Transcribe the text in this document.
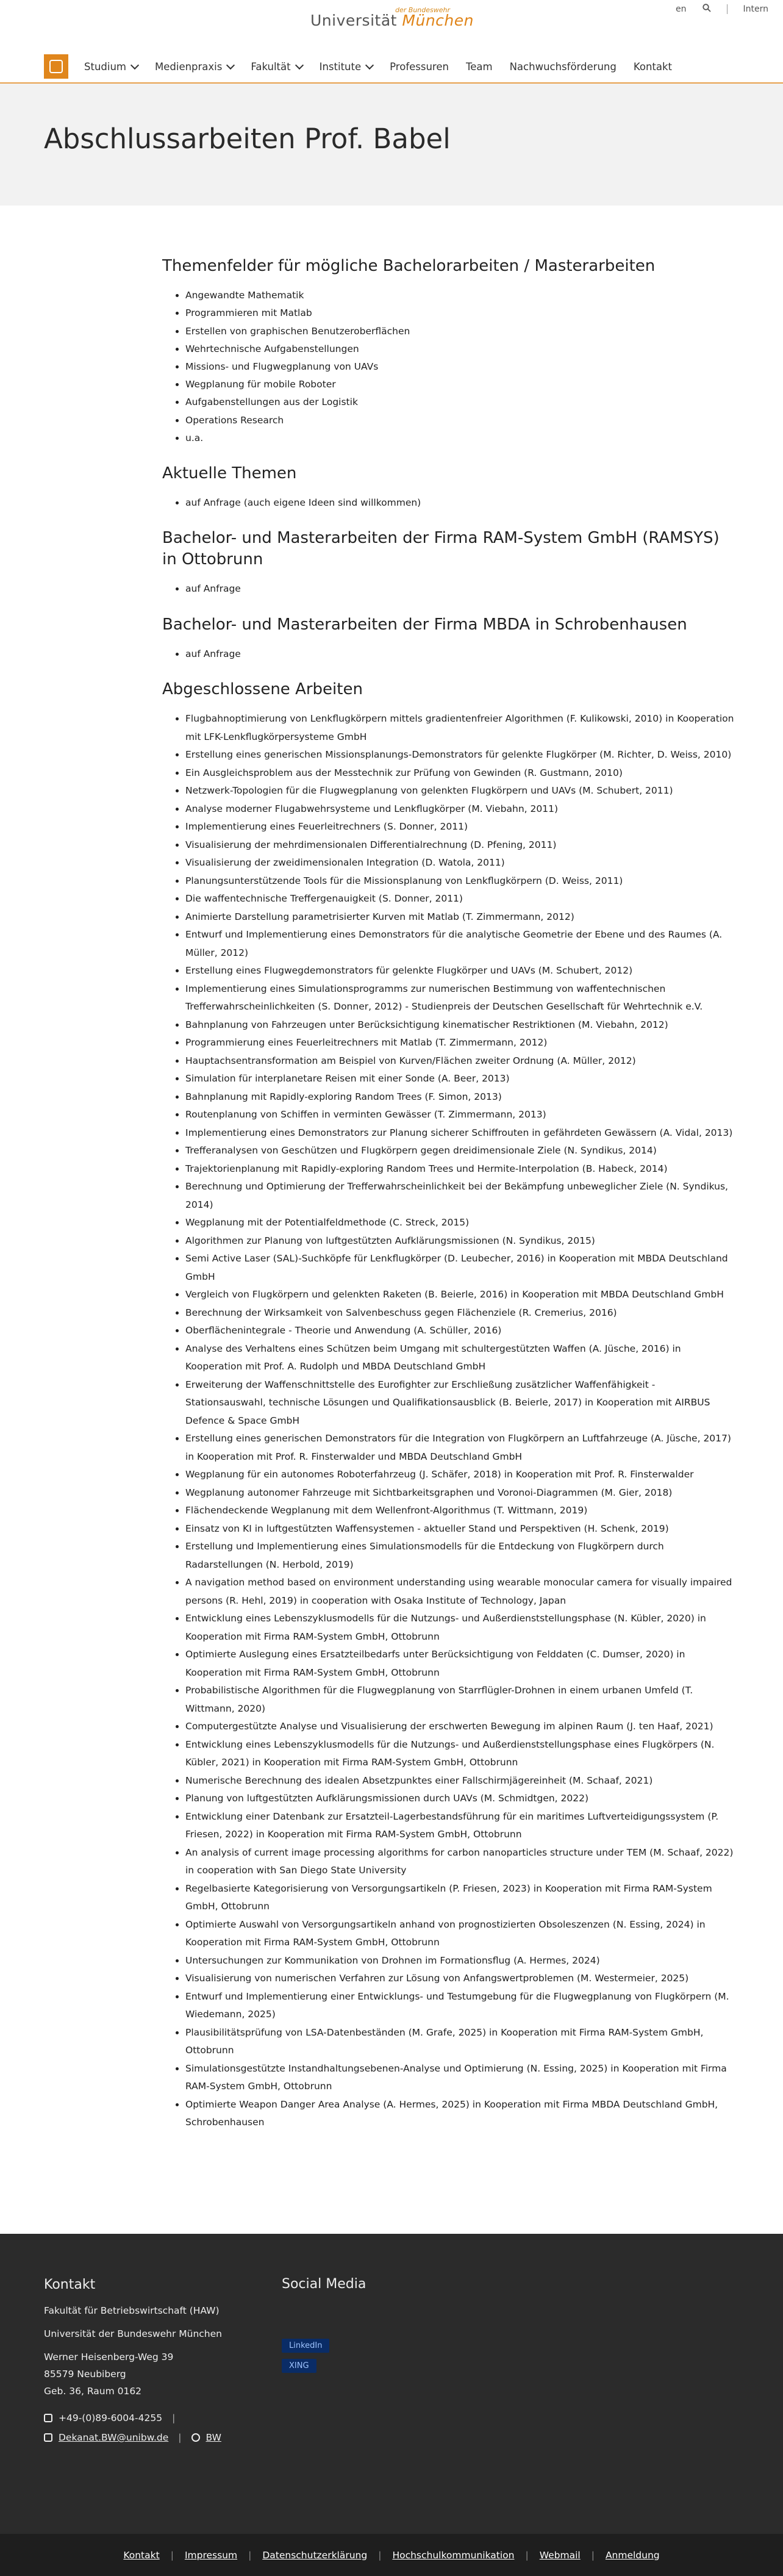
der Bundeswehr
Universität München
en	Intern
Studium	Medienpraxis	Fakultät	Institute	Professuren Team Nachwuchsförderung Kontakt
Abschlussarbeiten Prof. Babel
Themenfelder für mögliche Bachelorarbeiten / Masterarbeiten
• Angewandte Mathematik
• Programmieren mit Matlab
• Erstellen von graphischen Benutzeroberflächen
• Wehrtechnische Aufgabenstellungen
• Missions- und Flugwegplanung von UAVs
• Wegplanung für mobile Roboter
• Aufgabenstellungen aus der Logistik
• Operations Research
• u.a.
Aktuelle Themen
• auf Anfrage (auch eigene Ideen sind willkommen)
Bachelor- und Masterarbeiten der Firma RAM-System GmbH (RAMSYS) in Ottobrunn
• auf Anfrage
Bachelor- und Masterarbeiten der Firma MBDA in Schrobenhausen
• auf Anfrage
Abgeschlossene Arbeiten
• Flugbahnoptimierung von Lenkflugkörpern mittels gradientenfreier Algorithmen (F. Kulikowski, 2010) in Kooperation mit LFK-Lenkflugkörpersysteme GmbH
• Erstellung eines generischen Missionsplanungs-Demonstrators für gelenkte Flugkörper (M. Richter, D. Weiss, 2010)
• Ein Ausgleichsproblem aus der Messtechnik zur Prüfung von Gewinden (R. Gustmann, 2010)
• Netzwerk-Topologien für die Flugwegplanung von gelenkten Flugkörpern und UAVs (M. Schubert, 2011)
• Analyse moderner Flugabwehrsysteme und Lenkflugkörper (M. Viebahn, 2011)
• Implementierung eines Feuerleitrechners (S. Donner, 2011)
• Visualisierung der mehrdimensionalen Differentialrechnung (D. Pfening, 2011)
• Visualisierung der zweidimensionalen Integration (D. Watola, 2011)
• Planungsunterstützende Tools für die Missionsplanung von Lenkflugkörpern (D. Weiss, 2011)
• Die waffentechnische Treffergenauigkeit (S. Donner, 2011)
• Animierte Darstellung parametrisierter Kurven mit Matlab (T. Zimmermann, 2012)
• Entwurf und Implementierung eines Demonstrators für die analytische Geometrie der Ebene und des Raumes (A. Müller, 2012)
• Erstellung eines Flugwegdemonstrators für gelenkte Flugkörper und UAVs (M. Schubert, 2012)
• Implementierung eines Simulationsprogramms zur numerischen Bestimmung von waffentechnischen Trefferwahrscheinlichkeiten (S. Donner, 2012) - Studienpreis der Deutschen Gesellschaft für Wehrtechnik e.V.
• Bahnplanung von Fahrzeugen unter Berücksichtigung kinematischer Restriktionen (M. Viebahn, 2012)
• Programmierung eines Feuerleitrechners mit Matlab (T. Zimmermann, 2012)
• Hauptachsentransformation am Beispiel von Kurven/Flächen zweiter Ordnung (A. Müller, 2012)
• Simulation für interplanetare Reisen mit einer Sonde (A. Beer, 2013)
• Bahnplanung mit Rapidly-exploring Random Trees (F. Simon, 2013)
• Routenplanung von Schiffen in verminten Gewässer (T. Zimmermann, 2013)
• Implementierung eines Demonstrators zur Planung sicherer Schiffrouten in gefährdeten Gewässern (A. Vidal, 2013)
• Trefferanalysen von Geschützen und Flugkörpern gegen dreidimensionale Ziele (N. Syndikus, 2014)
• Trajektorienplanung mit Rapidly-exploring Random Trees und Hermite-Interpolation (B. Habeck, 2014)
• Berechnung und Optimierung der Trefferwahrscheinlichkeit bei der Bekämpfung unbeweglicher Ziele (N. Syndikus, 2014)
• Wegplanung mit der Potentialfeldmethode (C. Streck, 2015)
• Algorithmen zur Planung von luftgestützten Aufklärungsmissionen (N. Syndikus, 2015)
• Semi Active Laser (SAL)-Suchköpfe für Lenkflugkörper (D. Leubecher, 2016) in Kooperation mit MBDA Deutschland GmbH
• Vergleich von Flugkörpern und gelenkten Raketen (B. Beierle, 2016) in Kooperation mit MBDA Deutschland GmbH
• Berechnung der Wirksamkeit von Salvenbeschuss gegen Flächenziele (R. Cremerius, 2016)
• Oberflächenintegrale - Theorie und Anwendung (A. Schüller, 2016)
• Analyse des Verhaltens eines Schützen beim Umgang mit schultergestützten Waffen (A. Jüsche, 2016) in Kooperation mit Prof. A. Rudolph und MBDA Deutschland GmbH
• Erweiterung der Waffenschnittstelle des Eurofighter zur Erschließung zusätzlicher Waffenfähigkeit - Stationsauswahl, technische Lösungen und Qualifikationsausblick (B. Beierle, 2017) in Kooperation mit AIRBUS Defence & Space GmbH
• Erstellung eines generischen Demonstrators für die Integration von Flugkörpern an Luftfahrzeuge (A. Jüsche, 2017) in Kooperation mit Prof. R. Finsterwalder und MBDA Deutschland GmbH
• Wegplanung für ein autonomes Roboterfahrzeug (J. Schäfer, 2018) in Kooperation mit Prof. R. Finsterwalder
• Wegplanung autonomer Fahrzeuge mit Sichtbarkeitsgraphen und Voronoi-Diagrammen (M. Gier, 2018)
• Flächendeckende Wegplanung mit dem Wellenfront-Algorithmus (T. Wittmann, 2019)
• Einsatz von KI in luftgestützten Waffensystemen - aktueller Stand und Perspektiven (H. Schenk, 2019)
• Erstellung und Implementierung eines Simulationsmodells für die Entdeckung von Flugkörpern durch Radarstellungen (N. Herbold, 2019)
• A navigation method based on environment understanding using wearable monocular camera for visually impaired persons (R. Hehl, 2019) in cooperation with Osaka Institute of Technology, Japan
• Entwicklung eines Lebenszyklusmodells für die Nutzungs- und Außerdienststellungsphase (N. Kübler, 2020) in Kooperation mit Firma RAM-System GmbH, Ottobrunn
• Optimierte Auslegung eines Ersatzteilbedarfs unter Berücksichtigung von Felddaten (C. Dumser, 2020) in Kooperation mit Firma RAM-System GmbH, Ottobrunn
• Probabilistische Algorithmen für die Flugwegplanung von Starrflügler-Drohnen in einem urbanen Umfeld (T. Wittmann, 2020)
• Computergestützte Analyse und Visualisierung der erschwerten Bewegung im alpinen Raum (J. ten Haaf, 2021)
• Entwicklung eines Lebenszyklusmodells für die Nutzungs- und Außerdienststellungsphase eines Flugkörpers (N. Kübler, 2021) in Kooperation mit Firma RAM-System GmbH, Ottobrunn
• Numerische Berechnung des idealen Absetzpunktes einer Fallschirmjägereinheit (M. Schaaf, 2021)
• Planung von luftgestützten Aufklärungsmissionen durch UAVs (M. Schmidtgen, 2022)
• Entwicklung einer Datenbank zur Ersatzteil-Lagerbestandsführung für ein maritimes Luftverteidigungssystem (P. Friesen, 2022) in Kooperation mit Firma RAM-System GmbH, Ottobrunn
• An analysis of current image processing algorithms for carbon nanoparticles structure under TEM (M. Schaaf, 2022) in cooperation with San Diego State University
• Regelbasierte Kategorisierung von Versorgungsartikeln (P. Friesen, 2023) in Kooperation mit Firma RAM-System GmbH, Ottobrunn
• Optimierte Auswahl von Versorgungsartikeln anhand von prognostizierten Obsoleszenzen (N. Essing, 2024) in Kooperation mit Firma RAM-System GmbH, Ottobrunn
• Untersuchungen zur Kommunikation von Drohnen im Formationsflug (A. Hermes, 2024)
• Visualisierung von numerischen Verfahren zur Lösung von Anfangswertproblemen (M. Westermeier, 2025)
• Entwurf und Implementierung einer Entwicklungs- und Testumgebung für die Flugwegplanung von Flugkörpern (M. Wiedemann, 2025)
• Plausibilitätsprüfung von LSA-Datenbeständen (M. Grafe, 2025) in Kooperation mit Firma RAM-System GmbH, Ottobrunn
• Simulationsgestützte Instandhaltungsebenen-Analyse und Optimierung (N. Essing, 2025) in Kooperation mit Firma RAM-System GmbH, Ottobrunn
• Optimierte Weapon Danger Area Analyse (A. Hermes, 2025) in Kooperation mit Firma MBDA Deutschland GmbH, Schrobenhausen
Kontakt

Fakultät für Betriebswirtschaft (HAW)

Universität der Bundeswehr München

Werner Heisenberg-Weg 39
85579 Neubiberg
Geb. 36, Raum 0162
+49-(0)89-6004-4255 |
Dekanat.BW@unibw.de |	BW
Social Media
LinkedIn
XING
Kontakt | Impressum | Datenschutzerklärung | Hochschulkommunikation | Webmail | Anmeldung
